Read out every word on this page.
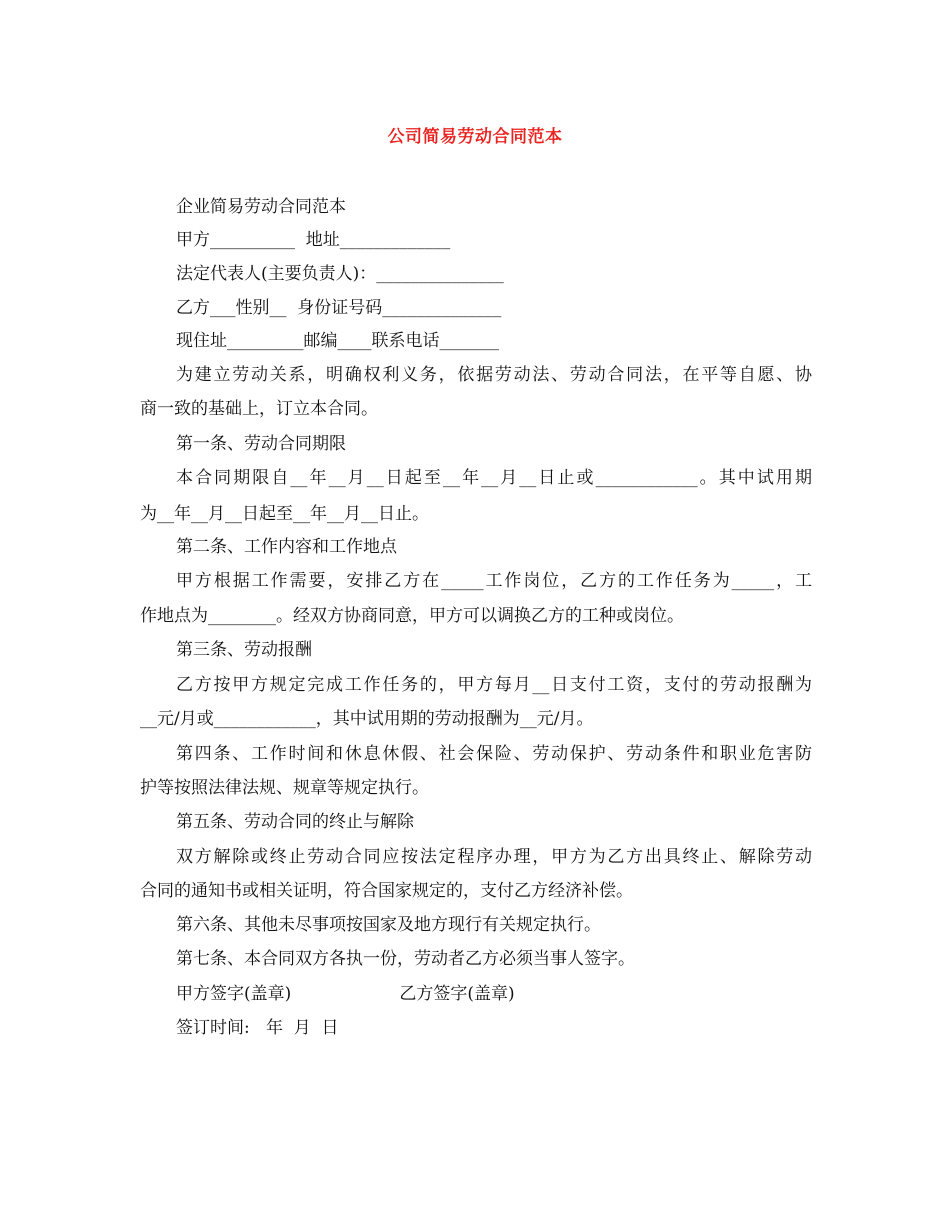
公司简易劳动合同范本
企业简易劳动合同范本
甲方__________  地址_____________
法定代表人(主要负责人)：_______________
乙方___性别__  身份证号码______________
现住址_________邮编____联系电话_______
为建立劳动关系，明确权利义务，依据劳动法、劳动合同法，在平等自愿、协
商一致的基础上，订立本合同。
第一条、劳动合同期限
本合同期限自__年__月__日起至__年__月__日止或____________。其中试用期
为__年__月__日起至__年__月__日止。
第二条、工作内容和工作地点
甲方根据工作需要，安排乙方在_____工作岗位，乙方的工作任务为_____，工
作地点为________。经双方协商同意，甲方可以调换乙方的工种或岗位。
第三条、劳动报酬
乙方按甲方规定完成工作任务的，甲方每月__日支付工资，支付的劳动报酬为
__元/月或____________，其中试用期的劳动报酬为__元/月。
第四条、工作时间和休息休假、社会保险、劳动保护、劳动条件和职业危害防
护等按照法律法规、规章等规定执行。
第五条、劳动合同的终止与解除
双方解除或终止劳动合同应按法定程序办理，甲方为乙方出具终止、解除劳动
合同的通知书或相关证明，符合国家规定的，支付乙方经济补偿。
第六条、其他未尽事项按国家及地方现行有关规定执行。
第七条、本合同双方各执一份，劳动者乙方必须当事人签字。
甲方签字(盖章)                    乙方签字(盖章)
签订时间:   年  月  日
